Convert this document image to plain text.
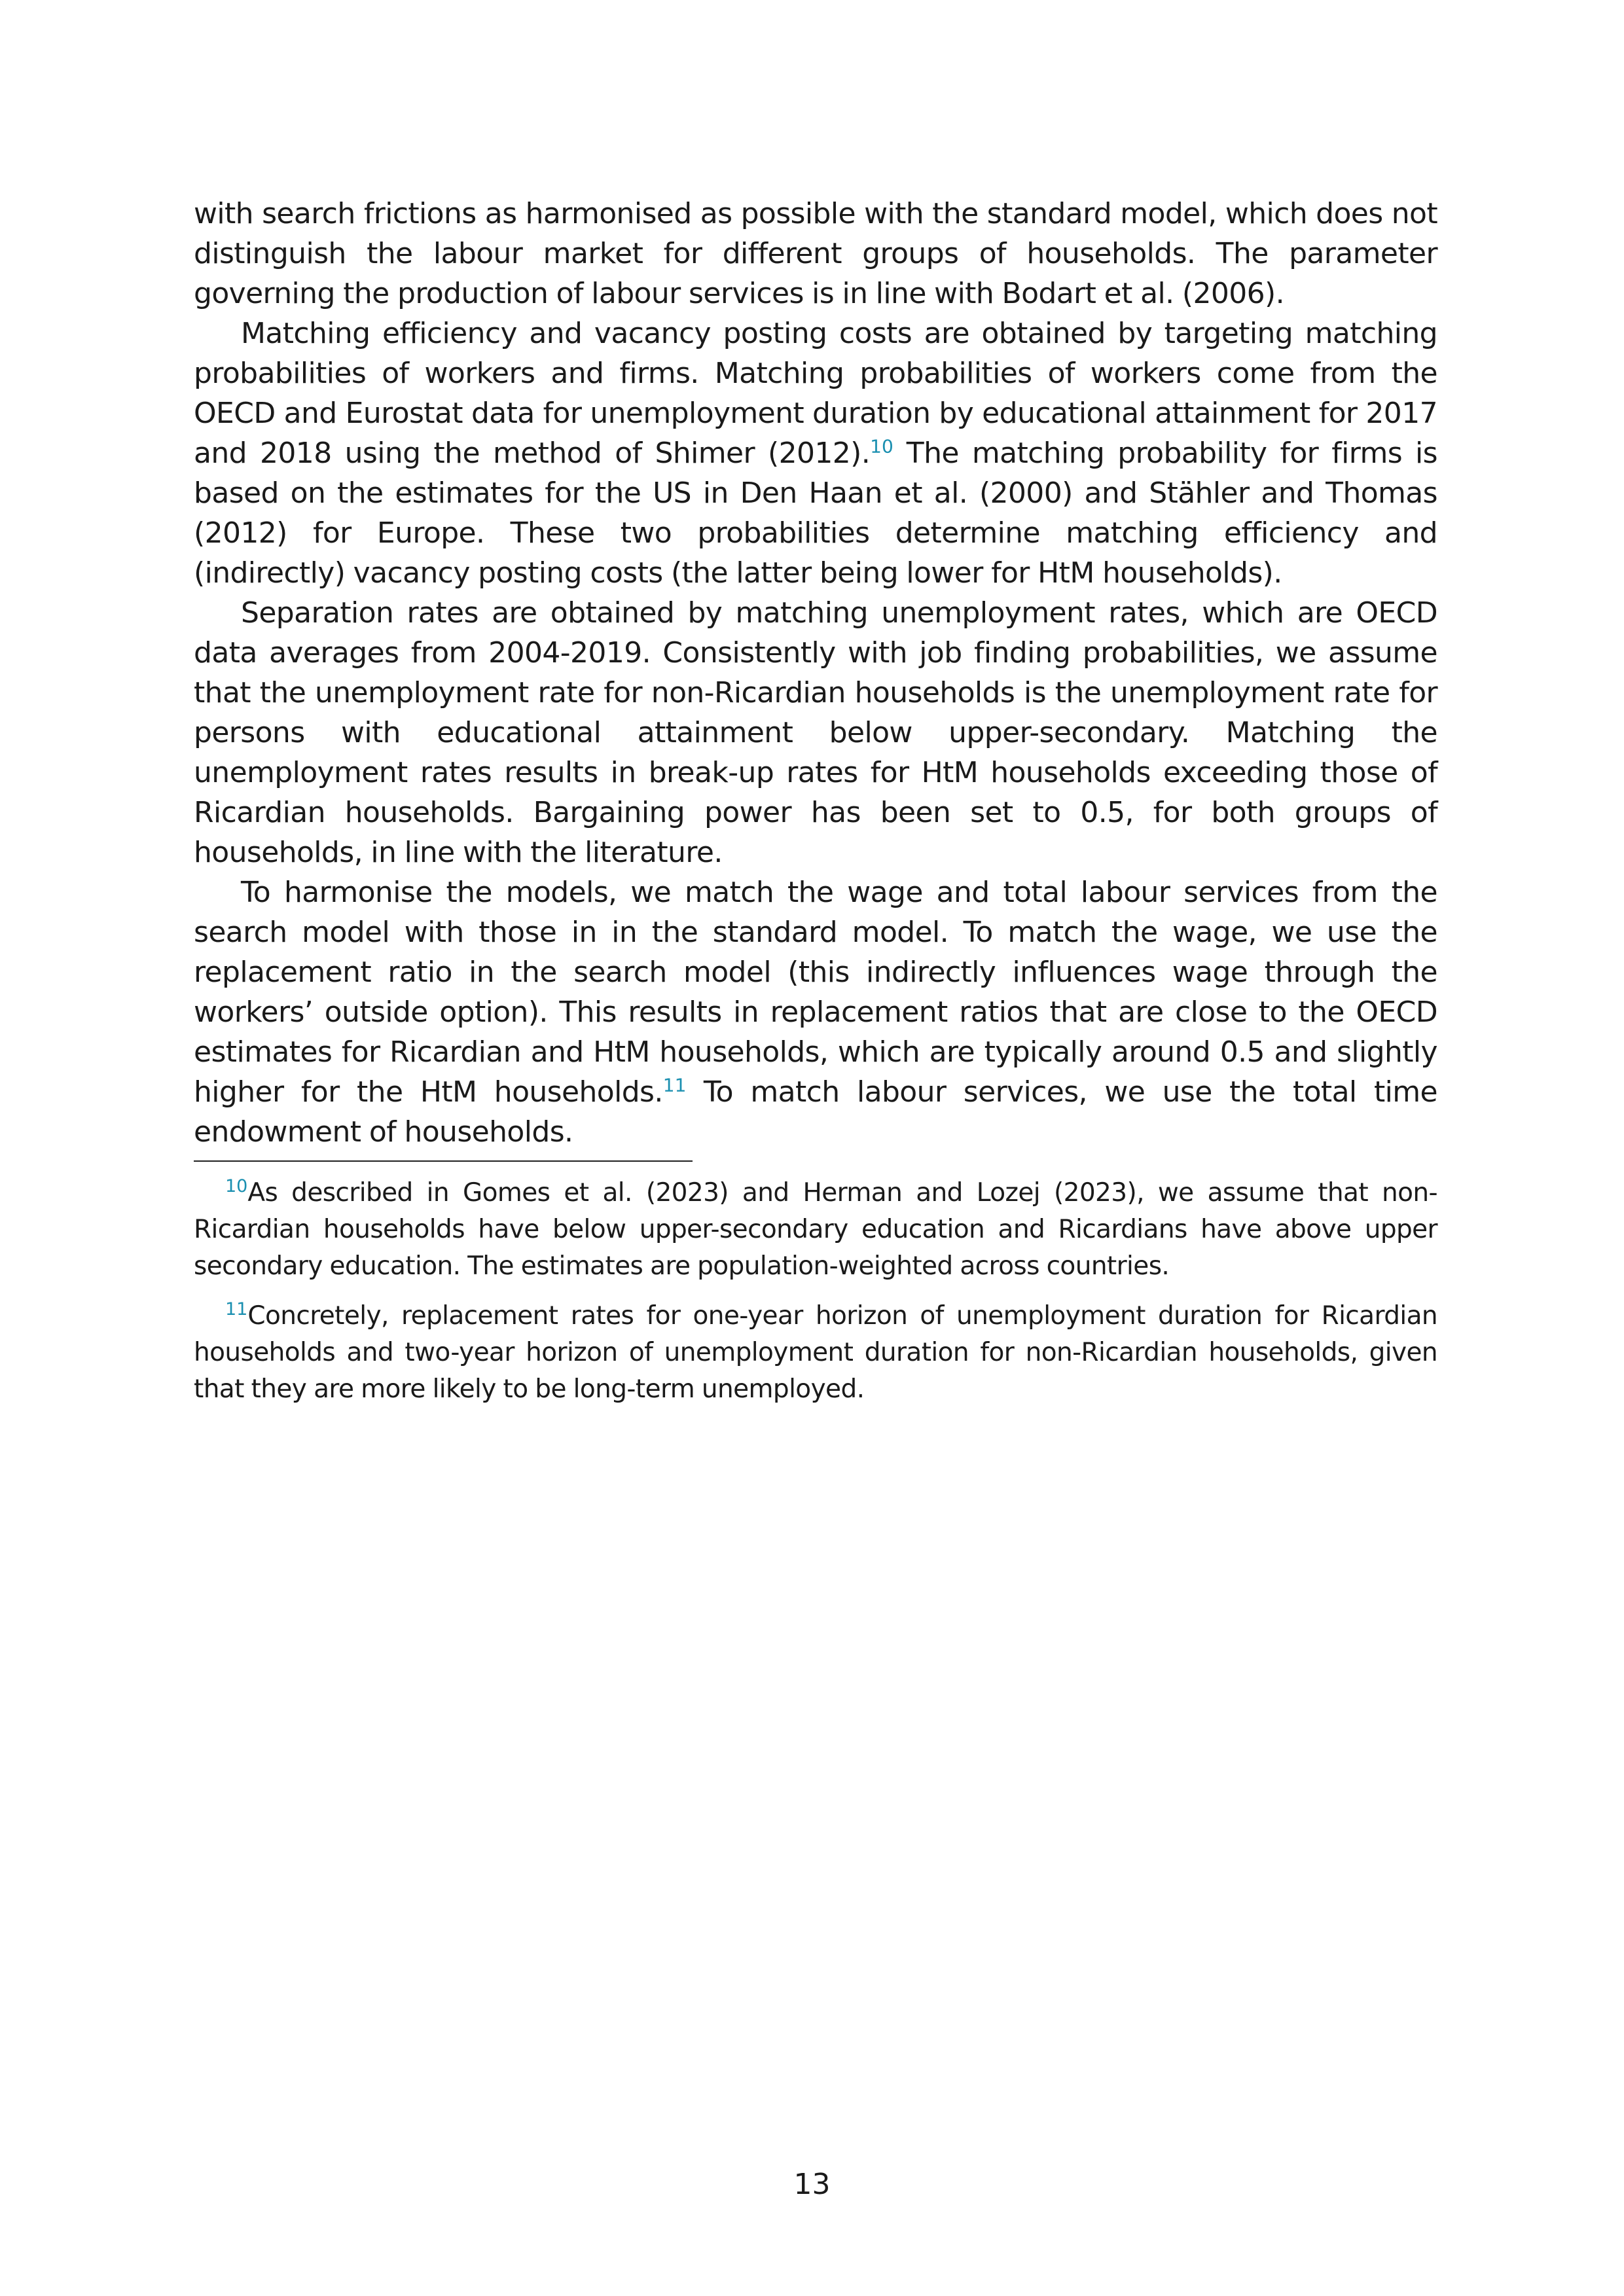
with search frictions as harmonised as possible with the standard model, which does not distinguish the labour market for different groups of households. The parameter governing the production of labour services is in line with Bodart et al. (2006).

Matching efficiency and vacancy posting costs are obtained by targeting matching probabilities of workers and firms. Matching probabilities of workers come from the OECD and Eurostat data for unemployment duration by educational attainment for 2017 and 2018 using the method of Shimer (2012).$^{10}$ The matching probability for firms is based on the estimates for the US in Den Haan et al. (2000) and Stähler and Thomas (2012) for Europe. These two probabilities determine matching efficiency and (indirectly) vacancy posting costs (the latter being lower for HtM households).

Separation rates are obtained by matching unemployment rates, which are OECD data averages from 2004-2019. Consistently with job finding probabilities, we assume that the unemployment rate for non-Ricardian households is the unemployment rate for persons with educational attainment below upper-secondary. Matching the unemployment rates results in break-up rates for HtM households exceeding those of Ricardian households. Bargaining power has been set to 0.5, for both groups of households, in line with the literature.

To harmonise the models, we match the wage and total labour services from the search model with those in in the standard model. To match the wage, we use the replacement ratio in the search model (this indirectly influences wage through the workers’ outside option). This results in replacement ratios that are close to the OECD estimates for Ricardian and HtM households, which are typically around 0.5 and slightly higher for the HtM households.$^{11}$ To match labour services, we use the total time endowment of households.

$^{10}$As described in Gomes et al. (2023) and Herman and Lozej (2023), we assume that non-Ricardian households have below upper-secondary education and Ricardians have above upper secondary education. The estimates are population-weighted across countries.

$^{11}$Concretely, replacement rates for one-year horizon of unemployment duration for Ricardian households and two-year horizon of unemployment duration for non-Ricardian households, given that they are more likely to be long-term unemployed.

13
